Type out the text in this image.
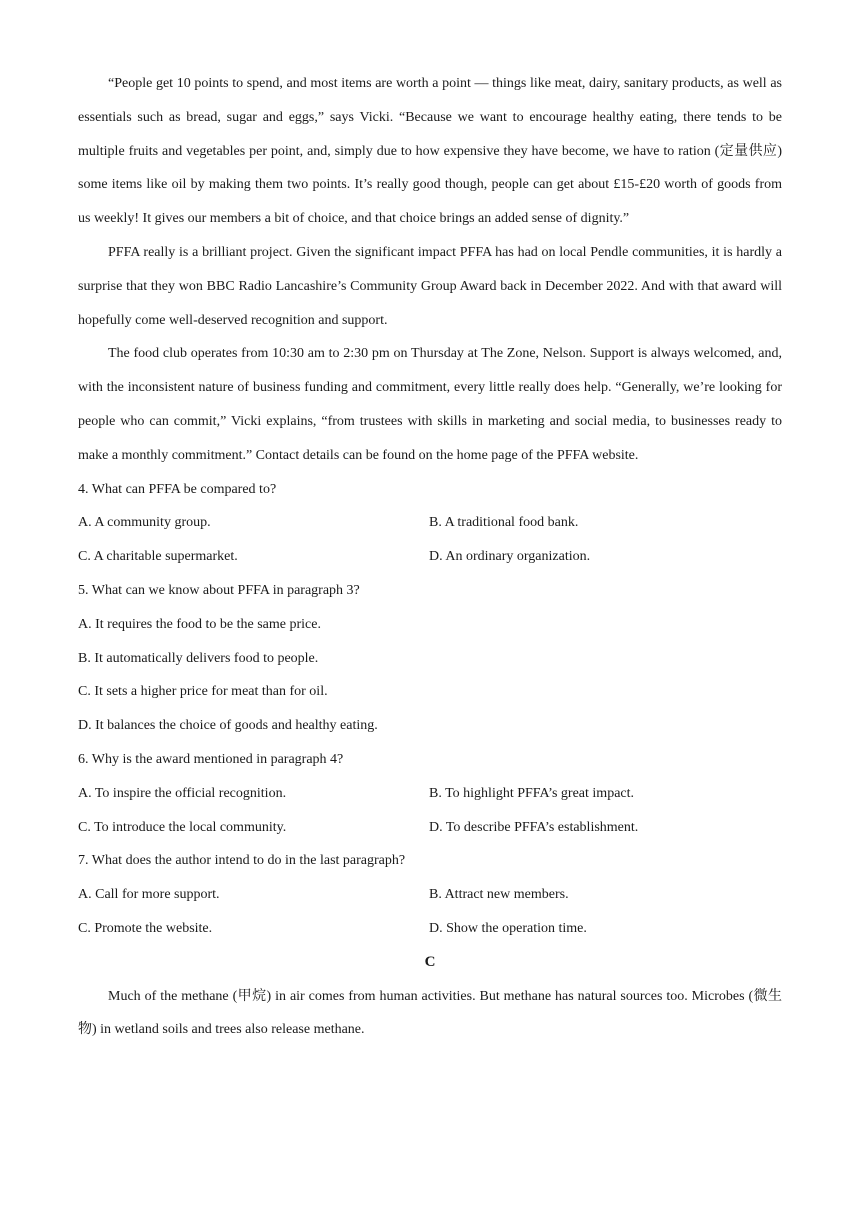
“People get 10 points to spend, and most items are worth a point — things like meat, dairy, sanitary products, as well as essentials such as bread, sugar and eggs,” says Vicki. “Because we want to encourage healthy eating, there tends to be multiple fruits and vegetables per point, and, simply due to how expensive they have become, we have to ration (定量供应) some items like oil by making them two points. It’s really good though, people can get about £15-£20 worth of goods from us weekly! It gives our members a bit of choice, and that choice brings an added sense of dignity.”

PFFA really is a brilliant project. Given the significant impact PFFA has had on local Pendle communities, it is hardly a surprise that they won BBC Radio Lancashire’s Community Group Award back in December 2022. And with that award will hopefully come well-deserved recognition and support.

The food club operates from 10:30 am to 2:30 pm on Thursday at The Zone, Nelson. Support is always welcomed, and, with the inconsistent nature of business funding and commitment, every little really does help. “Generally, we’re looking for people who can commit,” Vicki explains, “from trustees with skills in marketing and social media, to businesses ready to make a monthly commitment.” Contact details can be found on the home page of the PFFA website.

4. What can PFFA be compared to?

A. A community group.	B. A traditional food bank.
C. A charitable supermarket.	D. An ordinary organization.

5. What can we know about PFFA in paragraph 3?

A. It requires the food to be the same price.

B. It automatically delivers food to people.

C. It sets a higher price for meat than for oil.

D. It balances the choice of goods and healthy eating.

6. Why is the award mentioned in paragraph 4?

A. To inspire the official recognition.	B. To highlight PFFA’s great impact.
C. To introduce the local community.	D. To describe PFFA’s establishment.

7. What does the author intend to do in the last paragraph?

A. Call for more support.	B. Attract new members.
C. Promote the website.	D. Show the operation time.

C

Much of the methane (甲烷) in air comes from human activities. But methane has natural sources too. Microbes (微生物) in wetland soils and trees also release methane.
